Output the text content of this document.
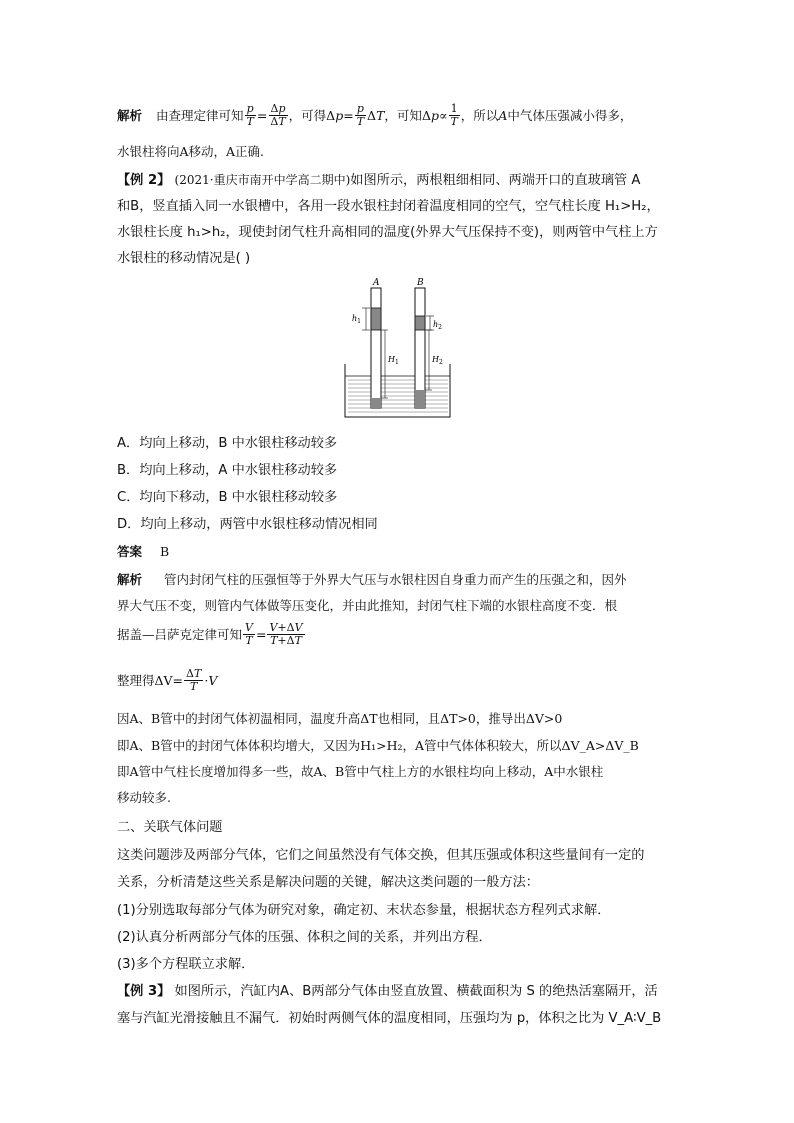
解析 由查理定律可知 $\frac{p}{T} = \frac{\Delta p}{\Delta T}$ ，可得 $\Delta p= \frac{p}{T}$ ΔT ，可知 $\Delta p\propto \frac{1}{T}$ ，所以 A 中气体压强减小得多，
水银柱将向A移动，A正确.
【例 2】 (2021·重庆市南开中学高二期中)如图所示，两根粗细相同、两端开口的直玻璃管 A
和B，竖直插入同一水银槽中，各用一段水银柱封闭着温度相同的空气，空气柱长度 H₁>H₂，
水银柱长度 h₁>h₂，现使封闭气柱升高相同的温度(外界大气压保持不变)，则两管中气柱上方
水银柱的移动情况是( )
A	B
$h_1$	$h_2$
$H_1$	$H_2$
A．均向上移动，B 中水银柱移动较多
B．均向上移动，A 中水银柱移动较多
C．均向下移动，B 中水银柱移动较多
D．均向上移动，两管中水银柱移动情况相同
答案 B
解析 管内封闭气柱的压强恒等于外界大气压与水银柱因自身重力而产生的压强之和，因外
界大气压不变，则管内气体做等压变化，并由此推知，封闭气柱下端的水银柱高度不变．根
据盖—吕萨克定律可知 $\frac{V}{T} = \frac{V+\Delta V}{T+\Delta T}$
整理得$\Delta V= \frac{\Delta T}{T} \cdot V$
因A、B管中的封闭气体初温相同，温度升高ΔT也相同，且ΔT>0，推导出ΔV>0
即A、B管中的封闭气体体积均增大，又因为H₁>H₂，A管中气体体积较大，所以ΔV_A>ΔV_B
即A管中气柱长度增加得多一些，故A、B管中气柱上方的水银柱均向上移动，A中水银柱
移动较多.
二、关联气体问题
这类问题涉及两部分气体，它们之间虽然没有气体交换，但其压强或体积这些量间有一定的
关系，分析清楚这些关系是解决问题的关键，解决这类问题的一般方法：
(1)分别选取每部分气体为研究对象，确定初、末状态参量，根据状态方程列式求解．
(2)认真分析两部分气体的压强、体积之间的关系，并列出方程．
(3)多个方程联立求解．
【例 3】 如图所示，汽缸内A、B两部分气体由竖直放置、横截面积为 S 的绝热活塞隔开，活
塞与汽缸光滑接触且不漏气．初始时两侧气体的温度相同，压强均为 p，体积之比为 V_A∶V_B
